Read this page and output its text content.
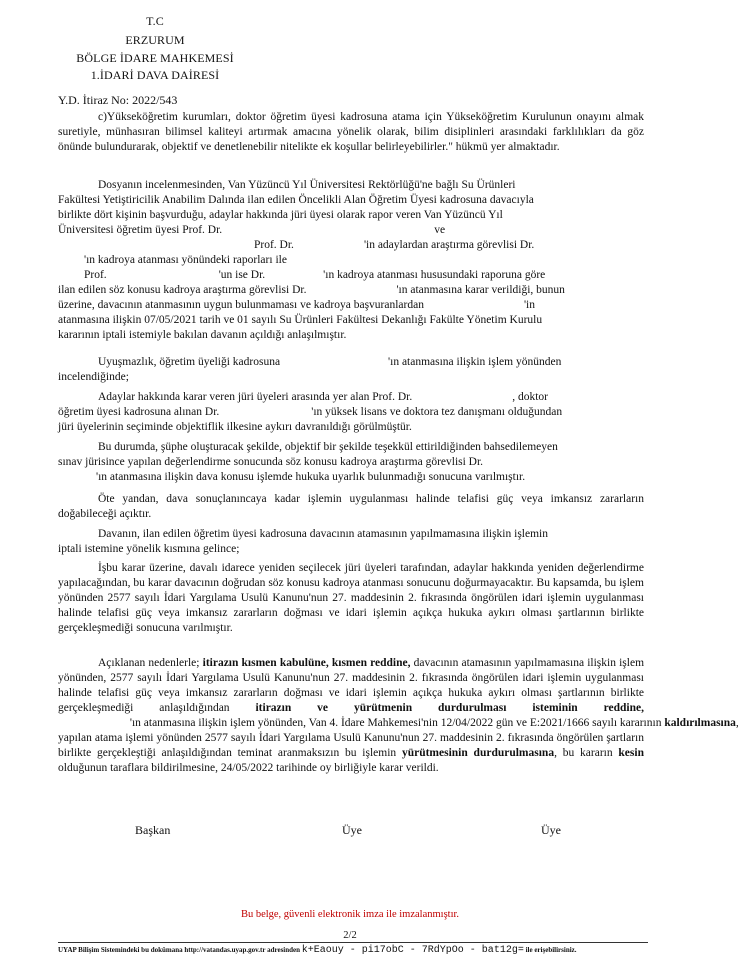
T.C
ERZURUM
BÖLGE İDARE MAHKEMESİ
1.İDARİ DAVA DAİRESİ
Y.D. İtiraz No: 2022/543

c)Yükseköğretim kurumları, doktor öğretim üyesi kadrosuna atama için Yükseköğretim Kurulunun onayını almak suretiyle, münhasıran bilimsel kaliteyi artırmak amacına yönelik olarak, bilim disiplinleri arasındaki farklılıkları da göz önünde bulundurarak, objektif ve denetlenebilir nitelikte ek koşullar belirleyebilirler." hükmü yer almaktadır.

Dosyanın incelenmesinden, Van Yüzüncü Yıl Üniversitesi Rektörlüğü'ne bağlı Su Ürünleri
Fakültesi Yetiştiricilik Anabilim Dalında ilan edilen Öncelikli Alan Öğretim Üyesi kadrosuna davacıyla
birlikte dört kişinin başvurduğu, adaylar hakkında jüri üyesi olarak rapor veren Van Yüzüncü Yıl
Üniversitesi öğretim üyesi Prof. Dr.	ve
Prof. Dr.	'in adaylardan araştırma görevlisi Dr.
'ın kadroya atanması yönündeki raporları ile
Prof.	'un ise Dr.	'ın kadroya atanması hususundaki raporuna göre
ilan edilen söz konusu kadroya araştırma görevlisi Dr.	'ın atanmasına karar verildiği, bunun
üzerine, davacının atanmasının uygun bulunmaması ve kadroya başvuranlardan	'in
atanmasına ilişkin 07/05/2021 tarih ve 01 sayılı Su Ürünleri Fakültesi Dekanlığı Fakülte Yönetim Kurulu
kararının iptali istemiyle bakılan davanın açıldığı anlaşılmıştır.
Uyuşmazlık, öğretim üyeliği kadrosuna	'ın atanmasına ilişkin işlem yönünden
incelendiğinde;
Adaylar hakkında karar veren jüri üyeleri arasında yer alan Prof. Dr.	, doktor
öğretim üyesi kadrosuna alınan Dr.	'ın yüksek lisans ve doktora tez danışmanı olduğundan
jüri üyelerinin seçiminde objektiflik ilkesine aykırı davranıldığı görülmüştür.
Bu durumda, şüphe oluşturacak şekilde, objektif bir şekilde teşekkül ettirildiğinden bahsedilemeyen
sınav jürisince yapılan değerlendirme sonucunda söz konusu kadroya araştırma görevlisi Dr.
'ın atanmasına ilişkin dava konusu işlemde hukuka uyarlık bulunmadığı sonucuna varılmıştır.

Öte yandan, dava sonuçlanıncaya kadar işlemin uygulanması halinde telafisi güç veya imkansız zararların doğabileceği açıktır.

Davanın, ilan edilen öğretim üyesi kadrosuna davacının atamasının yapılmamasına ilişkin işlemin
iptali istemine yönelik kısmına gelince;

İşbu karar üzerine, davalı idarece yeniden seçilecek jüri üyeleri tarafından, adaylar hakkında yeniden değerlendirme yapılacağından, bu karar davacının doğrudan söz konusu kadroya atanması sonucunu doğurmayacaktır. Bu kapsamda, bu işlem yönünden 2577 sayılı İdari Yargılama Usulü Kanunu'nun 27. maddesinin 2. fıkrasında öngörülen idari işlemin uygulanması halinde telafisi güç veya imkansız zararların doğması ve idari işlemin açıkça hukuka aykırı olması şartlarının birlikte gerçekleşmediği sonucuna varılmıştır.

Açıklanan nedenlerle; itirazın kısmen kabulüne, kısmen reddine, davacının atamasının yapılmamasına ilişkin işlem yönünden, 2577 sayılı İdari Yargılama Usulü Kanunu'nun 27. maddesinin 2. fıkrasında öngörülen idari işlemin uygulanması halinde telafisi güç veya imkansız zararların doğması ve idari işlemin açıkça hukuka aykırı olması şartlarının birlikte gerçekleşmediği anlaşıldığından itirazın ve yürütmenin durdurulması isteminin reddine,                         'ın atanmasına ilişkin işlem yönünden, Van 4. İdare Mahkemesi'nin 12/04/2022 gün ve E:2021/1666 sayılı kararının kaldırılmasına, yapılan atama işlemi yönünden 2577 sayılı İdari Yargılama Usulü Kanunu'nun 27. maddesinin 2. fıkrasında öngörülen şartların birlikte gerçekleştiği anlaşıldığından teminat aranmaksızın bu işlemin yürütmesinin durdurulmasına, bu kararın kesin olduğunun taraflara bildirilmesine, 24/05/2022 tarihinde oy birliğiyle karar verildi.

Başkan	Üye	Üye
Bu belge, güvenli elektronik imza ile imzalanmıştır.
2/2
UYAP Bilişim Sistemindeki bu dokümana http://vatandas.uyap.gov.tr adresinden k+Eaouy - pi17obC - 7RdYpOo - bat12g= ile erişebilirsiniz.
